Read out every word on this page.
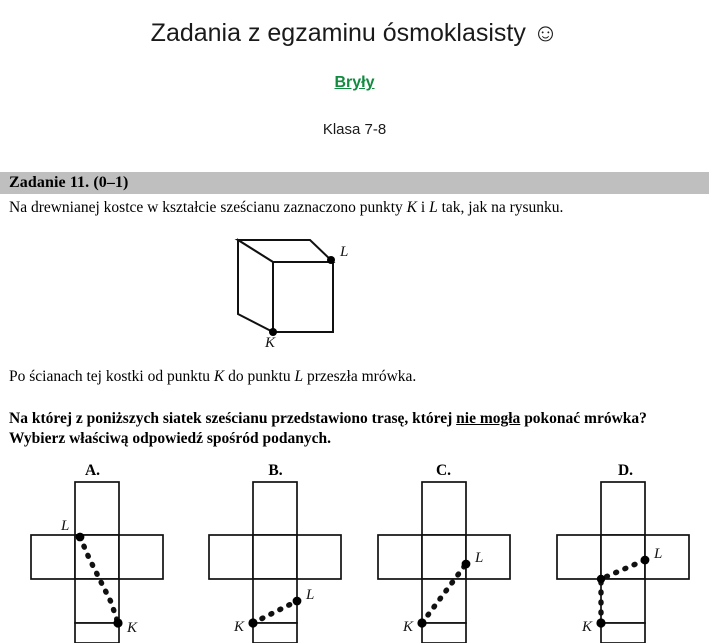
Zadania z egzaminu ósmoklasisty ☺
Bryły
Klasa 7-8
Zadanie 11. (0–1)
Na drewnianej kostce w kształcie sześcianu zaznaczono punkty K i L tak, jak na rysunku.
L
K
Po ścianach tej kostki od punktu K do punktu L przeszła mrówka.
Na której z poniższych siatek sześcianu przedstawiono trasę, której nie mogła pokonać mrówka? Wybierz właściwą odpowiedź spośród podanych.
A.
L
K
B.
K
L
C.
K
L
D.
K
L
